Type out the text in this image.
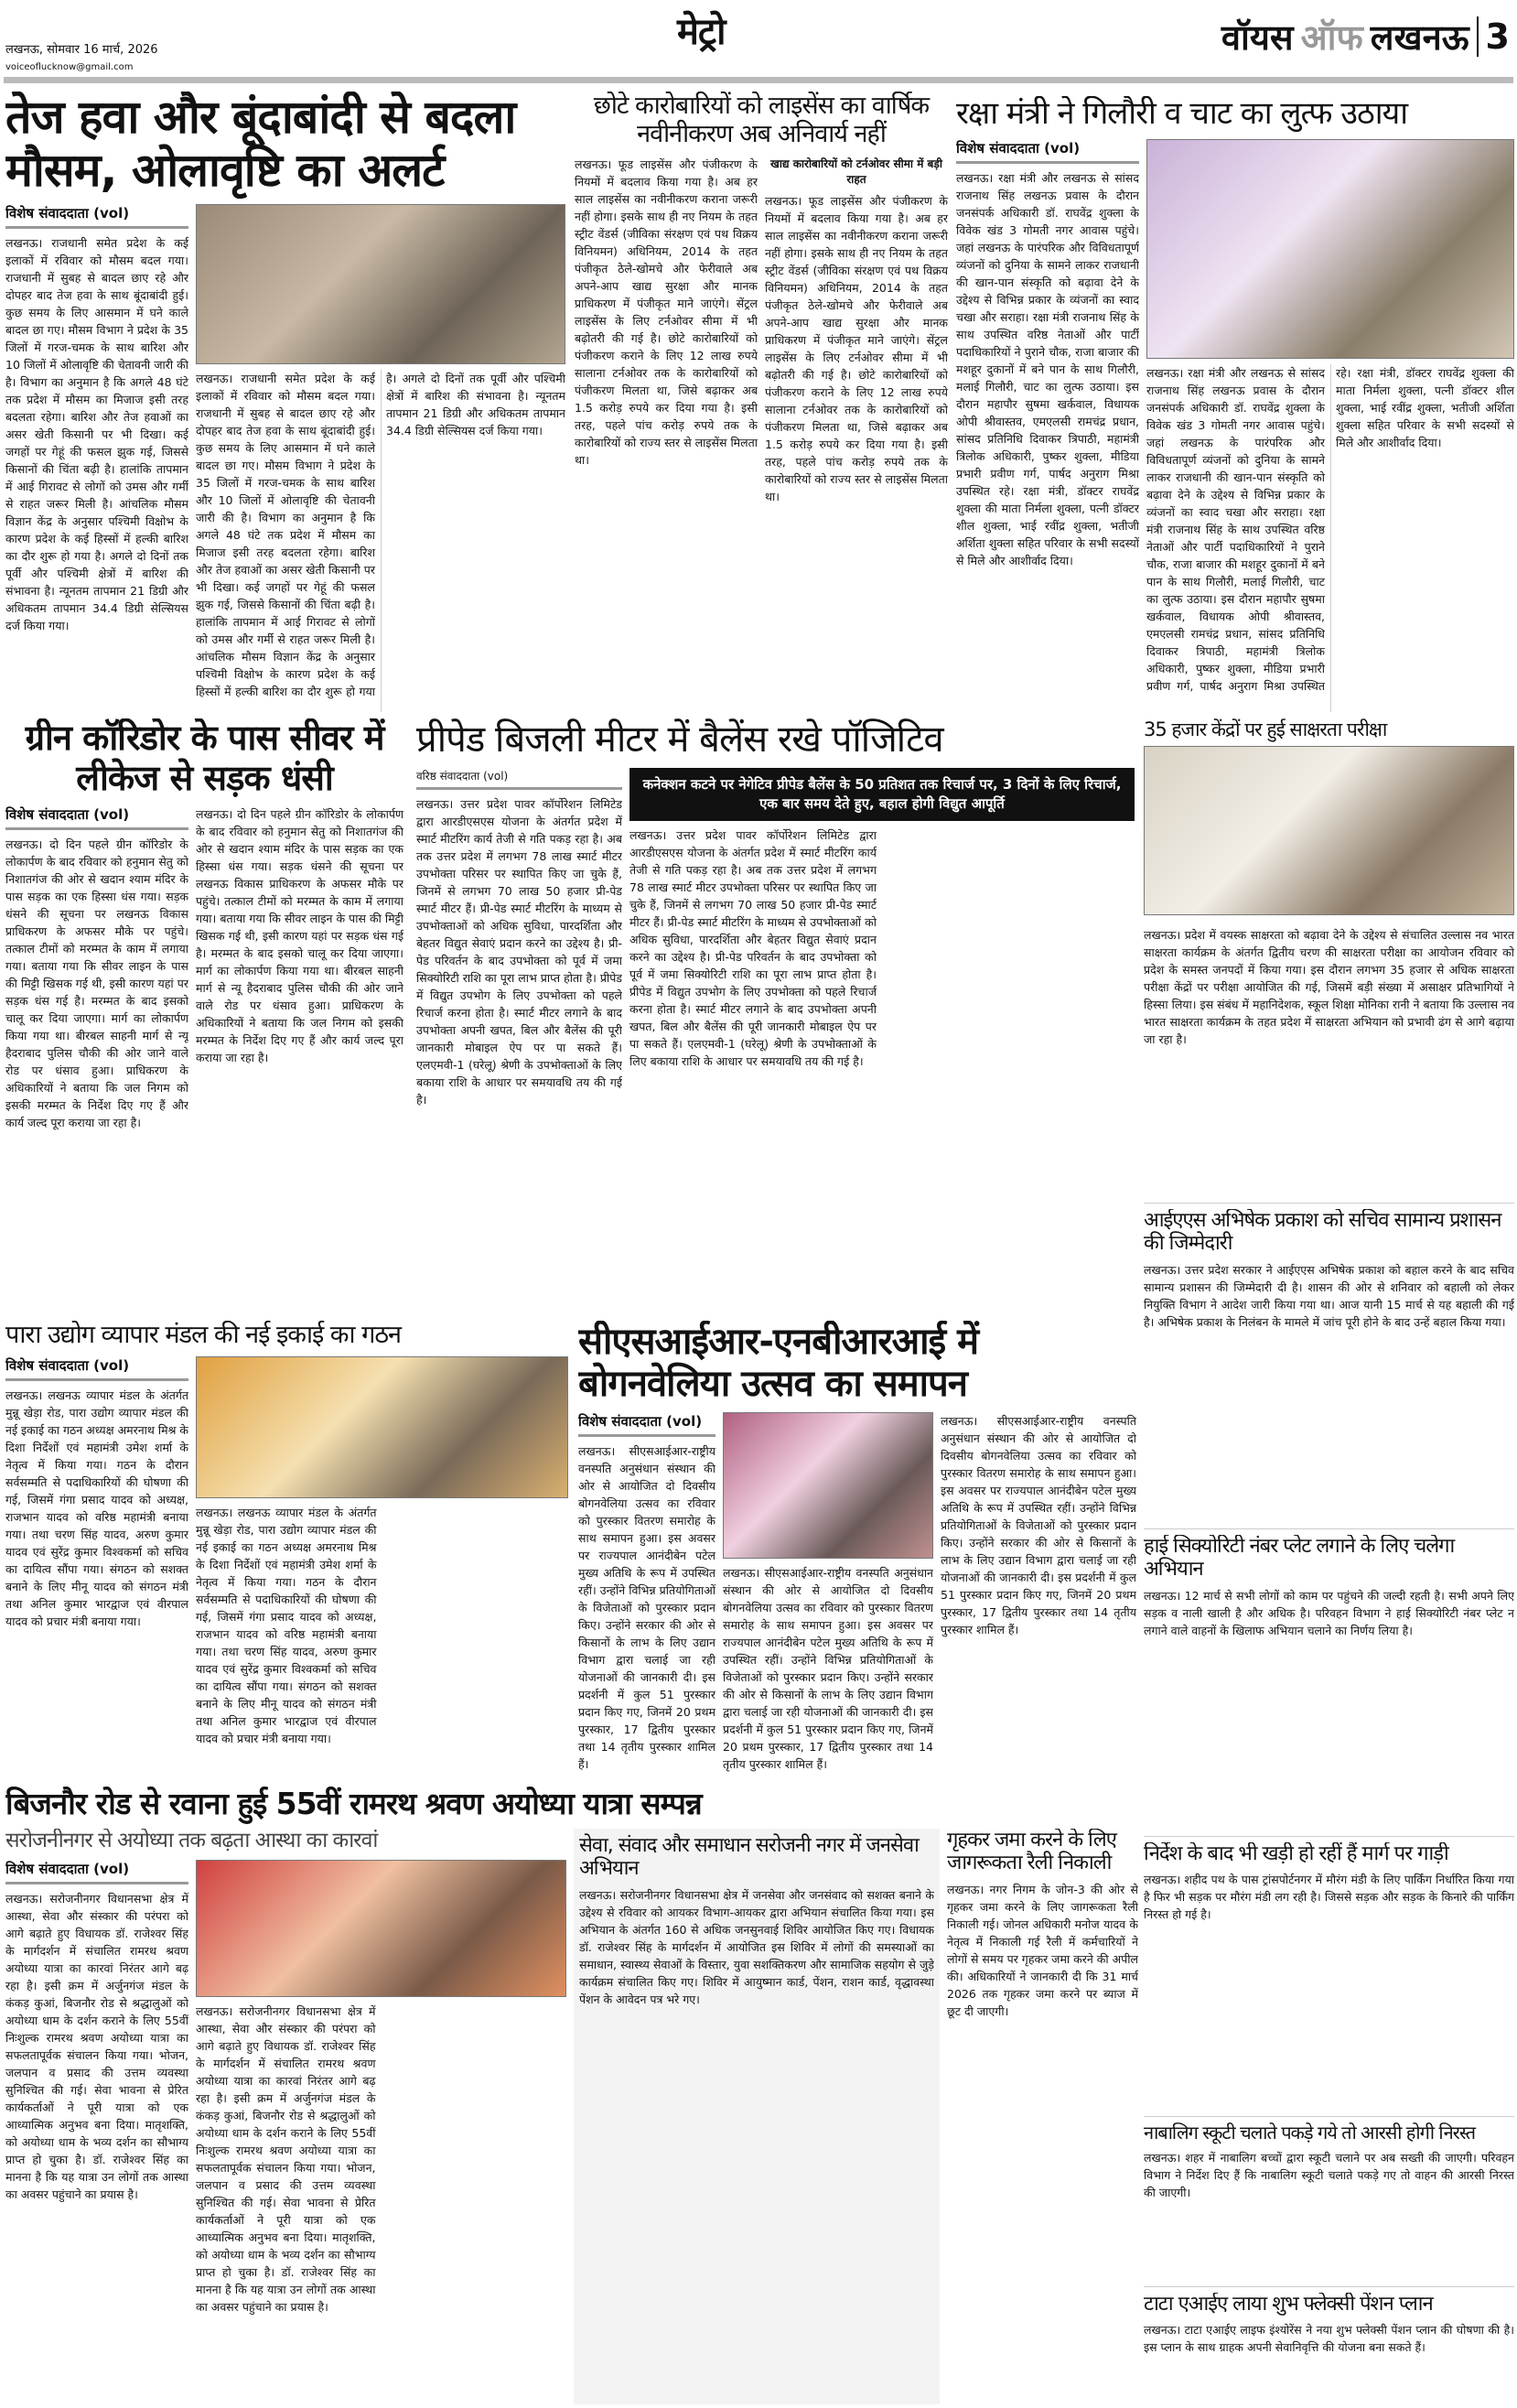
लखनऊ, सोमवार 16 मार्च, 2026
voiceoflucknow@gmail.com
मेट्रो	वॉयस ऑफ लखनऊ 3
तेज हवा और बूंदाबांदी से बदला मौसम, ओलावृष्टि का अलर्ट
विशेष संवाददाता (vol)
लखनऊ। राजधानी समेत प्रदेश के कई इलाकों में रविवार को मौसम बदल गया। राजधानी में सुबह से बादल छाए रहे और दोपहर बाद तेज हवा के साथ बूंदाबांदी हुई। कुछ समय के लिए आसमान में घने काले बादल छा गए। मौसम विभाग ने प्रदेश के 35 जिलों में गरज-चमक के साथ बारिश और 10 जिलों में ओलावृष्टि की चेतावनी जारी की है। विभाग का अनुमान है कि अगले 48 घंटे तक प्रदेश में मौसम का मिजाज इसी तरह बदलता रहेगा। बारिश और तेज हवाओं का असर खेती किसानी पर भी दिखा। कई जगहों पर गेहूं की फसल झुक गई, जिससे किसानों की चिंता बढ़ी है। हालांकि तापमान में आई गिरावट से लोगों को उमस और गर्मी से राहत जरूर मिली है। आंचलिक मौसम विज्ञान केंद्र के अनुसार पश्चिमी विक्षोभ के कारण प्रदेश के कई हिस्सों में हल्की बारिश का दौर शुरू हो गया है। अगले दो दिनों तक पूर्वी और पश्चिमी क्षेत्रों में बारिश की संभावना है। न्यूनतम तापमान 21 डिग्री और अधिकतम तापमान 34.4 डिग्री सेल्सियस दर्ज किया गया।
लखनऊ। राजधानी समेत प्रदेश के कई इलाकों में रविवार को मौसम बदल गया। राजधानी में सुबह से बादल छाए रहे और दोपहर बाद तेज हवा के साथ बूंदाबांदी हुई। कुछ समय के लिए आसमान में घने काले बादल छा गए। मौसम विभाग ने प्रदेश के 35 जिलों में गरज-चमक के साथ बारिश और 10 जिलों में ओलावृष्टि की चेतावनी जारी की है। विभाग का अनुमान है कि अगले 48 घंटे तक प्रदेश में मौसम का मिजाज इसी तरह बदलता रहेगा। बारिश और तेज हवाओं का असर खेती किसानी पर भी दिखा। कई जगहों पर गेहूं की फसल झुक गई, जिससे किसानों की चिंता बढ़ी है। हालांकि तापमान में आई गिरावट से लोगों को उमस और गर्मी से राहत जरूर मिली है। आंचलिक मौसम विज्ञान केंद्र के अनुसार पश्चिमी विक्षोभ के कारण प्रदेश के कई हिस्सों में हल्की बारिश का दौर शुरू हो गया है। अगले दो दिनों तक पूर्वी और पश्चिमी क्षेत्रों में बारिश की संभावना है। न्यूनतम तापमान 21 डिग्री और अधिकतम तापमान 34.4 डिग्री सेल्सियस दर्ज किया गया।
छोटे कारोबारियों को लाइसेंस का वार्षिक नवीनीकरण अब अनिवार्य नहीं
लखनऊ। फूड लाइसेंस और पंजीकरण के नियमों में बदलाव किया गया है। अब हर साल लाइसेंस का नवीनीकरण कराना जरूरी नहीं होगा। इसके साथ ही नए नियम के तहत स्ट्रीट वेंडर्स (जीविका संरक्षण एवं पथ विक्रय विनियमन) अधिनियम, 2014 के तहत पंजीकृत ठेले-खोमचे और फेरीवाले अब अपने-आप खाद्य सुरक्षा और मानक प्राधिकरण में पंजीकृत माने जाएंगे। सेंट्रल लाइसेंस के लिए टर्नओवर सीमा में भी बढ़ोतरी की गई है। छोटे कारोबारियों को पंजीकरण कराने के लिए 12 लाख रुपये सालाना टर्नओवर तक के कारोबारियों को पंजीकरण मिलता था, जिसे बढ़ाकर अब 1.5 करोड़ रुपये कर दिया गया है। इसी तरह, पहले पांच करोड़ रुपये तक के कारोबारियों को राज्य स्तर से लाइसेंस मिलता था।
खाद्य कारोबारियों को टर्नओवर सीमा में बड़ी राहत
लखनऊ। फूड लाइसेंस और पंजीकरण के नियमों में बदलाव किया गया है। अब हर साल लाइसेंस का नवीनीकरण कराना जरूरी नहीं होगा। इसके साथ ही नए नियम के तहत स्ट्रीट वेंडर्स (जीविका संरक्षण एवं पथ विक्रय विनियमन) अधिनियम, 2014 के तहत पंजीकृत ठेले-खोमचे और फेरीवाले अब अपने-आप खाद्य सुरक्षा और मानक प्राधिकरण में पंजीकृत माने जाएंगे। सेंट्रल लाइसेंस के लिए टर्नओवर सीमा में भी बढ़ोतरी की गई है। छोटे कारोबारियों को पंजीकरण कराने के लिए 12 लाख रुपये सालाना टर्नओवर तक के कारोबारियों को पंजीकरण मिलता था, जिसे बढ़ाकर अब 1.5 करोड़ रुपये कर दिया गया है। इसी तरह, पहले पांच करोड़ रुपये तक के कारोबारियों को राज्य स्तर से लाइसेंस मिलता था।
रक्षा मंत्री ने गिलौरी व चाट का लुत्फ उठाया
विशेष संवाददाता (vol)
लखनऊ। रक्षा मंत्री और लखनऊ से सांसद राजनाथ सिंह लखनऊ प्रवास के दौरान जनसंपर्क अधिकारी डॉ. राघवेंद्र शुक्ला के विवेक खंड 3 गोमती नगर आवास पहुंचे। जहां लखनऊ के पारंपरिक और विविधतापूर्ण व्यंजनों को दुनिया के सामने लाकर राजधानी की खान-पान संस्कृति को बढ़ावा देने के उद्देश्य से विभिन्न प्रकार के व्यंजनों का स्वाद चखा और सराहा। रक्षा मंत्री राजनाथ सिंह के साथ उपस्थित वरिष्ठ नेताओं और पार्टी पदाधिकारियों ने पुराने चौक, राजा बाजार की मशहूर दुकानों में बने पान के साथ गिलौरी, मलाई गिलौरी, चाट का लुत्फ उठाया। इस दौरान महापौर सुषमा खर्कवाल, विधायक ओपी श्रीवास्तव, एमएलसी रामचंद्र प्रधान, सांसद प्रतिनिधि दिवाकर त्रिपाठी, महामंत्री त्रिलोक अधिकारी, पुष्कर शुक्ला, मीडिया प्रभारी प्रवीण गर्ग, पार्षद अनुराग मिश्रा उपस्थित रहे। रक्षा मंत्री, डॉक्टर राघवेंद्र शुक्ला की माता निर्मला शुक्ला, पत्नी डॉक्टर शील शुक्ला, भाई रवींद्र शुक्ला, भतीजी अर्शिता शुक्ला सहित परिवार के सभी सदस्यों से मिले और आशीर्वाद दिया।
लखनऊ। रक्षा मंत्री और लखनऊ से सांसद राजनाथ सिंह लखनऊ प्रवास के दौरान जनसंपर्क अधिकारी डॉ. राघवेंद्र शुक्ला के विवेक खंड 3 गोमती नगर आवास पहुंचे। जहां लखनऊ के पारंपरिक और विविधतापूर्ण व्यंजनों को दुनिया के सामने लाकर राजधानी की खान-पान संस्कृति को बढ़ावा देने के उद्देश्य से विभिन्न प्रकार के व्यंजनों का स्वाद चखा और सराहा। रक्षा मंत्री राजनाथ सिंह के साथ उपस्थित वरिष्ठ नेताओं और पार्टी पदाधिकारियों ने पुराने चौक, राजा बाजार की मशहूर दुकानों में बने पान के साथ गिलौरी, मलाई गिलौरी, चाट का लुत्फ उठाया। इस दौरान महापौर सुषमा खर्कवाल, विधायक ओपी श्रीवास्तव, एमएलसी रामचंद्र प्रधान, सांसद प्रतिनिधि दिवाकर त्रिपाठी, महामंत्री त्रिलोक अधिकारी, पुष्कर शुक्ला, मीडिया प्रभारी प्रवीण गर्ग, पार्षद अनुराग मिश्रा उपस्थित रहे। रक्षा मंत्री, डॉक्टर राघवेंद्र शुक्ला की माता निर्मला शुक्ला, पत्नी डॉक्टर शील शुक्ला, भाई रवींद्र शुक्ला, भतीजी अर्शिता शुक्ला सहित परिवार के सभी सदस्यों से मिले और आशीर्वाद दिया।
ग्रीन कॉरिडोर के पास सीवर में लीकेज से सड़क धंसी
विशेष संवाददाता (vol)
लखनऊ। दो दिन पहले ग्रीन कॉरिडोर के लोकार्पण के बाद रविवार को हनुमान सेतु को निशातगंज की ओर से खदान श्याम मंदिर के पास सड़क का एक हिस्सा धंस गया। सड़क धंसने की सूचना पर लखनऊ विकास प्राधिकरण के अफसर मौके पर पहुंचे। तत्काल टीमों को मरम्मत के काम में लगाया गया। बताया गया कि सीवर लाइन के पास की मिट्टी खिसक गई थी, इसी कारण यहां पर सड़क धंस गई है। मरम्मत के बाद इसको चालू कर दिया जाएगा। मार्ग का लोकार्पण किया गया था। बीरबल साहनी मार्ग से न्यू हैदराबाद पुलिस चौकी की ओर जाने वाले रोड पर धंसाव हुआ। प्राधिकरण के अधिकारियों ने बताया कि जल निगम को इसकी मरम्मत के निर्देश दिए गए हैं और कार्य जल्द पूरा कराया जा रहा है।
लखनऊ। दो दिन पहले ग्रीन कॉरिडोर के लोकार्पण के बाद रविवार को हनुमान सेतु को निशातगंज की ओर से खदान श्याम मंदिर के पास सड़क का एक हिस्सा धंस गया। सड़क धंसने की सूचना पर लखनऊ विकास प्राधिकरण के अफसर मौके पर पहुंचे। तत्काल टीमों को मरम्मत के काम में लगाया गया। बताया गया कि सीवर लाइन के पास की मिट्टी खिसक गई थी, इसी कारण यहां पर सड़क धंस गई है। मरम्मत के बाद इसको चालू कर दिया जाएगा। मार्ग का लोकार्पण किया गया था। बीरबल साहनी मार्ग से न्यू हैदराबाद पुलिस चौकी की ओर जाने वाले रोड पर धंसाव हुआ। प्राधिकरण के अधिकारियों ने बताया कि जल निगम को इसकी मरम्मत के निर्देश दिए गए हैं और कार्य जल्द पूरा कराया जा रहा है।
प्रीपेड बिजली मीटर में बैलेंस रखे पॉजिटिव
वरिष्ठ संवाददाता (vol)
लखनऊ। उत्तर प्रदेश पावर कॉर्पोरेशन लिमिटेड द्वारा आरडीएसएस योजना के अंतर्गत प्रदेश में स्मार्ट मीटरिंग कार्य तेजी से गति पकड़ रहा है। अब तक उत्तर प्रदेश में लगभग 78 लाख स्मार्ट मीटर उपभोक्ता परिसर पर स्थापित किए जा चुके हैं, जिनमें से लगभग 70 लाख 50 हजार प्री-पेड स्मार्ट मीटर हैं। प्री-पेड स्मार्ट मीटरिंग के माध्यम से उपभोक्ताओं को अधिक सुविधा, पारदर्शिता और बेहतर विद्युत सेवाएं प्रदान करने का उद्देश्य है। प्री-पेड परिवर्तन के बाद उपभोक्ता को पूर्व में जमा सिक्योरिटी राशि का पूरा लाभ प्राप्त होता है। प्रीपेड में विद्युत उपभोग के लिए उपभोक्ता को पहले रिचार्ज करना होता है। स्मार्ट मीटर लगाने के बाद उपभोक्ता अपनी खपत, बिल और बैलेंस की पूरी जानकारी मोबाइल ऐप पर पा सकते हैं। एलएमवी-1 (घरेलू) श्रेणी के उपभोक्ताओं के लिए बकाया राशि के आधार पर समयावधि तय की गई है।
कनेक्शन कटने पर नेगेटिव प्रीपेड बैलेंस के 50 प्रतिशत तक रिचार्ज पर, 3 दिनों के लिए रिचार्ज, एक बार समय देते हुए, बहाल होगी विद्युत आपूर्ति
लखनऊ। उत्तर प्रदेश पावर कॉर्पोरेशन लिमिटेड द्वारा आरडीएसएस योजना के अंतर्गत प्रदेश में स्मार्ट मीटरिंग कार्य तेजी से गति पकड़ रहा है। अब तक उत्तर प्रदेश में लगभग 78 लाख स्मार्ट मीटर उपभोक्ता परिसर पर स्थापित किए जा चुके हैं, जिनमें से लगभग 70 लाख 50 हजार प्री-पेड स्मार्ट मीटर हैं। प्री-पेड स्मार्ट मीटरिंग के माध्यम से उपभोक्ताओं को अधिक सुविधा, पारदर्शिता और बेहतर विद्युत सेवाएं प्रदान करने का उद्देश्य है। प्री-पेड परिवर्तन के बाद उपभोक्ता को पूर्व में जमा सिक्योरिटी राशि का पूरा लाभ प्राप्त होता है। प्रीपेड में विद्युत उपभोग के लिए उपभोक्ता को पहले रिचार्ज करना होता है। स्मार्ट मीटर लगाने के बाद उपभोक्ता अपनी खपत, बिल और बैलेंस की पूरी जानकारी मोबाइल ऐप पर पा सकते हैं। एलएमवी-1 (घरेलू) श्रेणी के उपभोक्ताओं के लिए बकाया राशि के आधार पर समयावधि तय की गई है।
35 हजार केंद्रों पर हुई साक्षरता परीक्षा
लखनऊ। प्रदेश में वयस्क साक्षरता को बढ़ावा देने के उद्देश्य से संचालित उल्लास नव भारत साक्षरता कार्यक्रम के अंतर्गत द्वितीय चरण की साक्षरता परीक्षा का आयोजन रविवार को प्रदेश के समस्त जनपदों में किया गया। इस दौरान लगभग 35 हजार से अधिक साक्षरता परीक्षा केंद्रों पर परीक्षा आयोजित की गई, जिसमें बड़ी संख्या में असाक्षर प्रतिभागियों ने हिस्सा लिया। इस संबंध में महानिदेशक, स्कूल शिक्षा मोनिका रानी ने बताया कि उल्लास नव भारत साक्षरता कार्यक्रम के तहत प्रदेश में साक्षरता अभियान को प्रभावी ढंग से आगे बढ़ाया जा रहा है।
आईएएस अभिषेक प्रकाश को सचिव सामान्य प्रशासन की जिम्मेदारी
लखनऊ। उत्तर प्रदेश सरकार ने आईएएस अभिषेक प्रकाश को बहाल करने के बाद सचिव सामान्य प्रशासन की जिम्मेदारी दी है। शासन की ओर से शनिवार को बहाली को लेकर नियुक्ति विभाग ने आदेश जारी किया गया था। आज यानी 15 मार्च से यह बहाली की गई है। अभिषेक प्रकाश के निलंबन के मामले में जांच पूरी होने के बाद उन्हें बहाल किया गया।
हाई सिक्योरिटी नंबर प्लेट लगाने के लिए चलेगा अभियान
लखनऊ। 12 मार्च से सभी लोगों को काम पर पहुंचने की जल्दी रहती है। सभी अपने लिए सड़क व नाली खाली है और अधिक है। परिवहन विभाग ने हाई सिक्योरिटी नंबर प्लेट न लगाने वाले वाहनों के खिलाफ अभियान चलाने का निर्णय लिया है।
निर्देश के बाद भी खड़ी हो रहीं हैं मार्ग पर गाड़ी
लखनऊ। शहीद पथ के पास ट्रांसपोर्टनगर में मौरंग मंडी के लिए पार्किंग निर्धारित किया गया है फिर भी सड़क पर मौरंग मंडी लग रही है। जिससे सड़क और सड़क के किनारे की पार्किंग निरस्त हो गई है।
नाबालिग स्कूटी चलाते पकड़े गये तो आरसी होगी निरस्त
लखनऊ। शहर में नाबालिग बच्चों द्वारा स्कूटी चलाने पर अब सख्ती की जाएगी। परिवहन विभाग ने निर्देश दिए हैं कि नाबालिग स्कूटी चलाते पकड़े गए तो वाहन की आरसी निरस्त की जाएगी।
टाटा एआईए लाया शुभ फ्लेक्सी पेंशन प्लान
लखनऊ। टाटा एआईए लाइफ इंश्योरेंस ने नया शुभ फ्लेक्सी पेंशन प्लान की घोषणा की है। इस प्लान के साथ ग्राहक अपनी सेवानिवृत्ति की योजना बना सकते हैं।
पारा उद्योग व्यापार मंडल की नई इकाई का गठन
विशेष संवाददाता (vol)
लखनऊ। लखनऊ व्यापार मंडल के अंतर्गत मुन्नू खेड़ा रोड, पारा उद्योग व्यापार मंडल की नई इकाई का गठन अध्यक्ष अमरनाथ मिश्र के दिशा निर्देशों एवं महामंत्री उमेश शर्मा के नेतृत्व में किया गया। गठन के दौरान सर्वसम्मति से पदाधिकारियों की घोषणा की गई, जिसमें गंगा प्रसाद यादव को अध्यक्ष, राजभान यादव को वरिष्ठ महामंत्री बनाया गया। तथा चरण सिंह यादव, अरुण कुमार यादव एवं सुरेंद्र कुमार विश्वकर्मा को सचिव का दायित्व सौंपा गया। संगठन को सशक्त बनाने के लिए मीनू यादव को संगठन मंत्री तथा अनिल कुमार भारद्वाज एवं वीरपाल यादव को प्रचार मंत्री बनाया गया।
लखनऊ। लखनऊ व्यापार मंडल के अंतर्गत मुन्नू खेड़ा रोड, पारा उद्योग व्यापार मंडल की नई इकाई का गठन अध्यक्ष अमरनाथ मिश्र के दिशा निर्देशों एवं महामंत्री उमेश शर्मा के नेतृत्व में किया गया। गठन के दौरान सर्वसम्मति से पदाधिकारियों की घोषणा की गई, जिसमें गंगा प्रसाद यादव को अध्यक्ष, राजभान यादव को वरिष्ठ महामंत्री बनाया गया। तथा चरण सिंह यादव, अरुण कुमार यादव एवं सुरेंद्र कुमार विश्वकर्मा को सचिव का दायित्व सौंपा गया। संगठन को सशक्त बनाने के लिए मीनू यादव को संगठन मंत्री तथा अनिल कुमार भारद्वाज एवं वीरपाल यादव को प्रचार मंत्री बनाया गया।
सीएसआईआर-एनबीआरआई में बोगनवेलिया उत्सव का समापन
विशेष संवाददाता (vol)
लखनऊ। सीएसआईआर-राष्ट्रीय वनस्पति अनुसंधान संस्थान की ओर से आयोजित दो दिवसीय बोगनवेलिया उत्सव का रविवार को पुरस्कार वितरण समारोह के साथ समापन हुआ। इस अवसर पर राज्यपाल आनंदीबेन पटेल मुख्य अतिथि के रूप में उपस्थित रहीं। उन्होंने विभिन्न प्रतियोगिताओं के विजेताओं को पुरस्कार प्रदान किए। उन्होंने सरकार की ओर से किसानों के लाभ के लिए उद्यान विभाग द्वारा चलाई जा रही योजनाओं की जानकारी दी। इस प्रदर्शनी में कुल 51 पुरस्कार प्रदान किए गए, जिनमें 20 प्रथम पुरस्कार, 17 द्वितीय पुरस्कार तथा 14 तृतीय पुरस्कार शामिल हैं।
लखनऊ। सीएसआईआर-राष्ट्रीय वनस्पति अनुसंधान संस्थान की ओर से आयोजित दो दिवसीय बोगनवेलिया उत्सव का रविवार को पुरस्कार वितरण समारोह के साथ समापन हुआ। इस अवसर पर राज्यपाल आनंदीबेन पटेल मुख्य अतिथि के रूप में उपस्थित रहीं। उन्होंने विभिन्न प्रतियोगिताओं के विजेताओं को पुरस्कार प्रदान किए। उन्होंने सरकार की ओर से किसानों के लाभ के लिए उद्यान विभाग द्वारा चलाई जा रही योजनाओं की जानकारी दी। इस प्रदर्शनी में कुल 51 पुरस्कार प्रदान किए गए, जिनमें 20 प्रथम पुरस्कार, 17 द्वितीय पुरस्कार तथा 14 तृतीय पुरस्कार शामिल हैं।
लखनऊ। सीएसआईआर-राष्ट्रीय वनस्पति अनुसंधान संस्थान की ओर से आयोजित दो दिवसीय बोगनवेलिया उत्सव का रविवार को पुरस्कार वितरण समारोह के साथ समापन हुआ। इस अवसर पर राज्यपाल आनंदीबेन पटेल मुख्य अतिथि के रूप में उपस्थित रहीं। उन्होंने विभिन्न प्रतियोगिताओं के विजेताओं को पुरस्कार प्रदान किए। उन्होंने सरकार की ओर से किसानों के लाभ के लिए उद्यान विभाग द्वारा चलाई जा रही योजनाओं की जानकारी दी। इस प्रदर्शनी में कुल 51 पुरस्कार प्रदान किए गए, जिनमें 20 प्रथम पुरस्कार, 17 द्वितीय पुरस्कार तथा 14 तृतीय पुरस्कार शामिल हैं।
बिजनौर रोड से रवाना हुई 55वीं रामरथ श्रवण अयोध्या यात्रा सम्पन्न
सरोजनीनगर से अयोध्या तक बढ़ता आस्था का कारवां
विशेष संवाददाता (vol)
लखनऊ। सरोजनीनगर विधानसभा क्षेत्र में आस्था, सेवा और संस्कार की परंपरा को आगे बढ़ाते हुए विधायक डॉ. राजेश्वर सिंह के मार्गदर्शन में संचालित रामरथ श्रवण अयोध्या यात्रा का कारवां निरंतर आगे बढ़ रहा है। इसी क्रम में अर्जुनगंज मंडल के कंकड़ कुआं, बिजनौर रोड से श्रद्धालुओं को अयोध्या धाम के दर्शन कराने के लिए 55वीं निःशुल्क रामरथ श्रवण अयोध्या यात्रा का सफलतापूर्वक संचालन किया गया। भोजन, जलपान व प्रसाद की उत्तम व्यवस्था सुनिश्चित की गई। सेवा भावना से प्रेरित कार्यकर्ताओं ने पूरी यात्रा को एक आध्यात्मिक अनुभव बना दिया। मातृशक्ति, को अयोध्या धाम के भव्य दर्शन का सौभाग्य प्राप्त हो चुका है। डॉ. राजेश्वर सिंह का मानना है कि यह यात्रा उन लोगों तक आस्था का अवसर पहुंचाने का प्रयास है।
लखनऊ। सरोजनीनगर विधानसभा क्षेत्र में आस्था, सेवा और संस्कार की परंपरा को आगे बढ़ाते हुए विधायक डॉ. राजेश्वर सिंह के मार्गदर्शन में संचालित रामरथ श्रवण अयोध्या यात्रा का कारवां निरंतर आगे बढ़ रहा है। इसी क्रम में अर्जुनगंज मंडल के कंकड़ कुआं, बिजनौर रोड से श्रद्धालुओं को अयोध्या धाम के दर्शन कराने के लिए 55वीं निःशुल्क रामरथ श्रवण अयोध्या यात्रा का सफलतापूर्वक संचालन किया गया। भोजन, जलपान व प्रसाद की उत्तम व्यवस्था सुनिश्चित की गई। सेवा भावना से प्रेरित कार्यकर्ताओं ने पूरी यात्रा को एक आध्यात्मिक अनुभव बना दिया। मातृशक्ति, को अयोध्या धाम के भव्य दर्शन का सौभाग्य प्राप्त हो चुका है। डॉ. राजेश्वर सिंह का मानना है कि यह यात्रा उन लोगों तक आस्था का अवसर पहुंचाने का प्रयास है।
सेवा, संवाद और समाधान सरोजनी नगर में जनसेवा अभियान
लखनऊ। सरोजनीनगर विधानसभा क्षेत्र में जनसेवा और जनसंवाद को सशक्त बनाने के उद्देश्य से रविवार को आयकर विभाग-आयकर द्वारा अभियान संचालित किया गया। इस अभियान के अंतर्गत 160 से अधिक जनसुनवाई शिविर आयोजित किए गए। विधायक डॉ. राजेश्वर सिंह के मार्गदर्शन में आयोजित इस शिविर में लोगों की समस्याओं का समाधान, स्वास्थ्य सेवाओं के विस्तार, युवा सशक्तिकरण और सामाजिक सहयोग से जुड़े कार्यक्रम संचालित किए गए। शिविर में आयुष्मान कार्ड, पेंशन, राशन कार्ड, वृद्धावस्था पेंशन के आवेदन पत्र भरे गए।
गृहकर जमा करने के लिए जागरूकता रैली निकाली
लखनऊ। नगर निगम के जोन-3 की ओर से गृहकर जमा करने के लिए जागरूकता रैली निकाली गई। जोनल अधिकारी मनोज यादव के नेतृत्व में निकाली गई रैली में कर्मचारियों ने लोगों से समय पर गृहकर जमा करने की अपील की। अधिकारियों ने जानकारी दी कि 31 मार्च 2026 तक गृहकर जमा करने पर ब्याज में छूट दी जाएगी।
